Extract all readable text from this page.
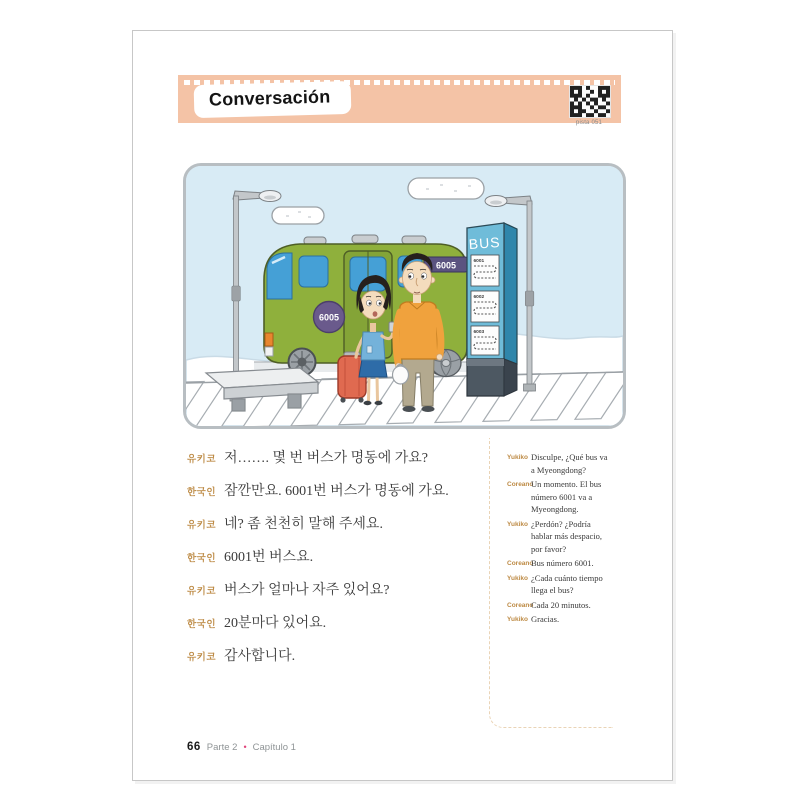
Conversación
pista 051
6005
6005
BUS
6001
6002
6003
유키코 저……. 몇 번 버스가 명동에 가요?
한국인 잠깐만요. 6001번 버스가 명동에 가요.
유키코 네? 좀 천천히 말해 주세요.
한국인 6001번 버스요.
유키코 버스가 얼마나 자주 있어요?
한국인 20분마다 있어요.
유키코 감사합니다.
Yukiko Disculpe, ¿Qué bus va a Myeongdong?
Coreano
Un momento. El bus número 6001 va a Myeongdong.
Yukiko ¿Perdón? ¿Podría hablar más despacio, por favor?
Coreano
Bus número 6001.
Yukiko ¿Cada cuánto tiempo llega el bus?
Coreano
Cada 20 minutos.
Yukiko Gracias.
66 Parte 2 • Capítulo 1
